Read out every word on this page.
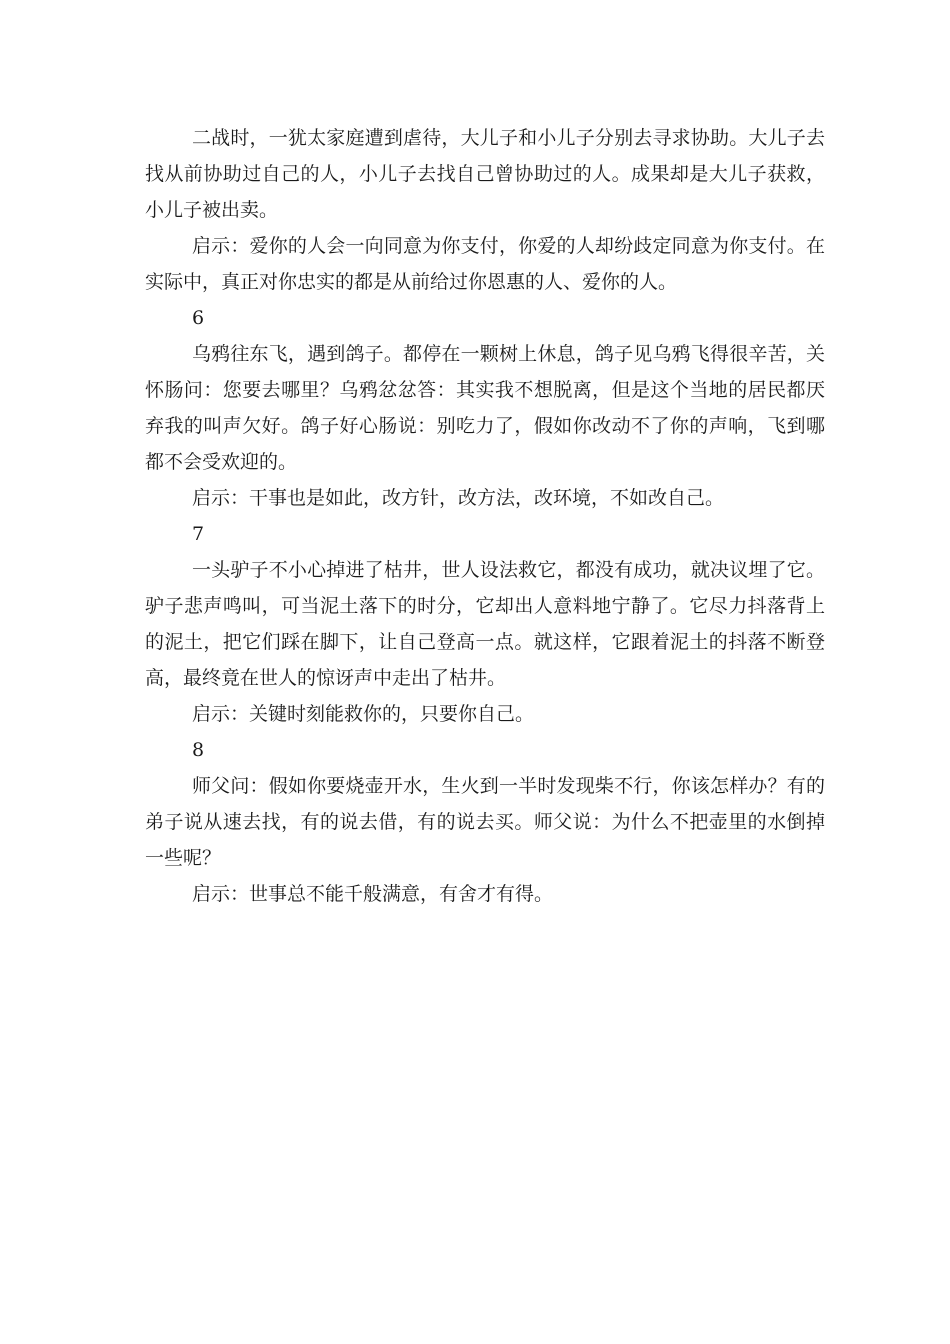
二战时，一犹太家庭遭到虐待，大儿子和小儿子分别去寻求协助。大儿子去找从前协助过自己的人，小儿子去找自己曾协助过的人。成果却是大儿子获救，小儿子被出卖。

启示：爱你的人会一向同意为你支付，你爱的人却纷歧定同意为你支付。在实际中，真正对你忠实的都是从前给过你恩惠的人、爱你的人。

6

乌鸦往东飞，遇到鸽子。都停在一颗树上休息，鸽子见乌鸦飞得很辛苦，关怀肠问：您要去哪里？乌鸦忿忿答：其实我不想脱离，但是这个当地的居民都厌弃我的叫声欠好。鸽子好心肠说：别吃力了，假如你改动不了你的声响，飞到哪都不会受欢迎的。

启示：干事也是如此，改方针，改方法，改环境，不如改自己。

7

一头驴子不小心掉进了枯井，世人设法救它，都没有成功，就决议埋了它。驴子悲声鸣叫，可当泥土落下的时分，它却出人意料地宁静了。它尽力抖落背上的泥土，把它们踩在脚下，让自己登高一点。就这样，它跟着泥土的抖落不断登高，最终竟在世人的惊讶声中走出了枯井。

启示：关键时刻能救你的，只要你自己。

8

师父问：假如你要烧壶开水，生火到一半时发现柴不行，你该怎样办？有的弟子说从速去找，有的说去借，有的说去买。师父说：为什么不把壶里的水倒掉一些呢？

启示：世事总不能千般满意，有舍才有得。
